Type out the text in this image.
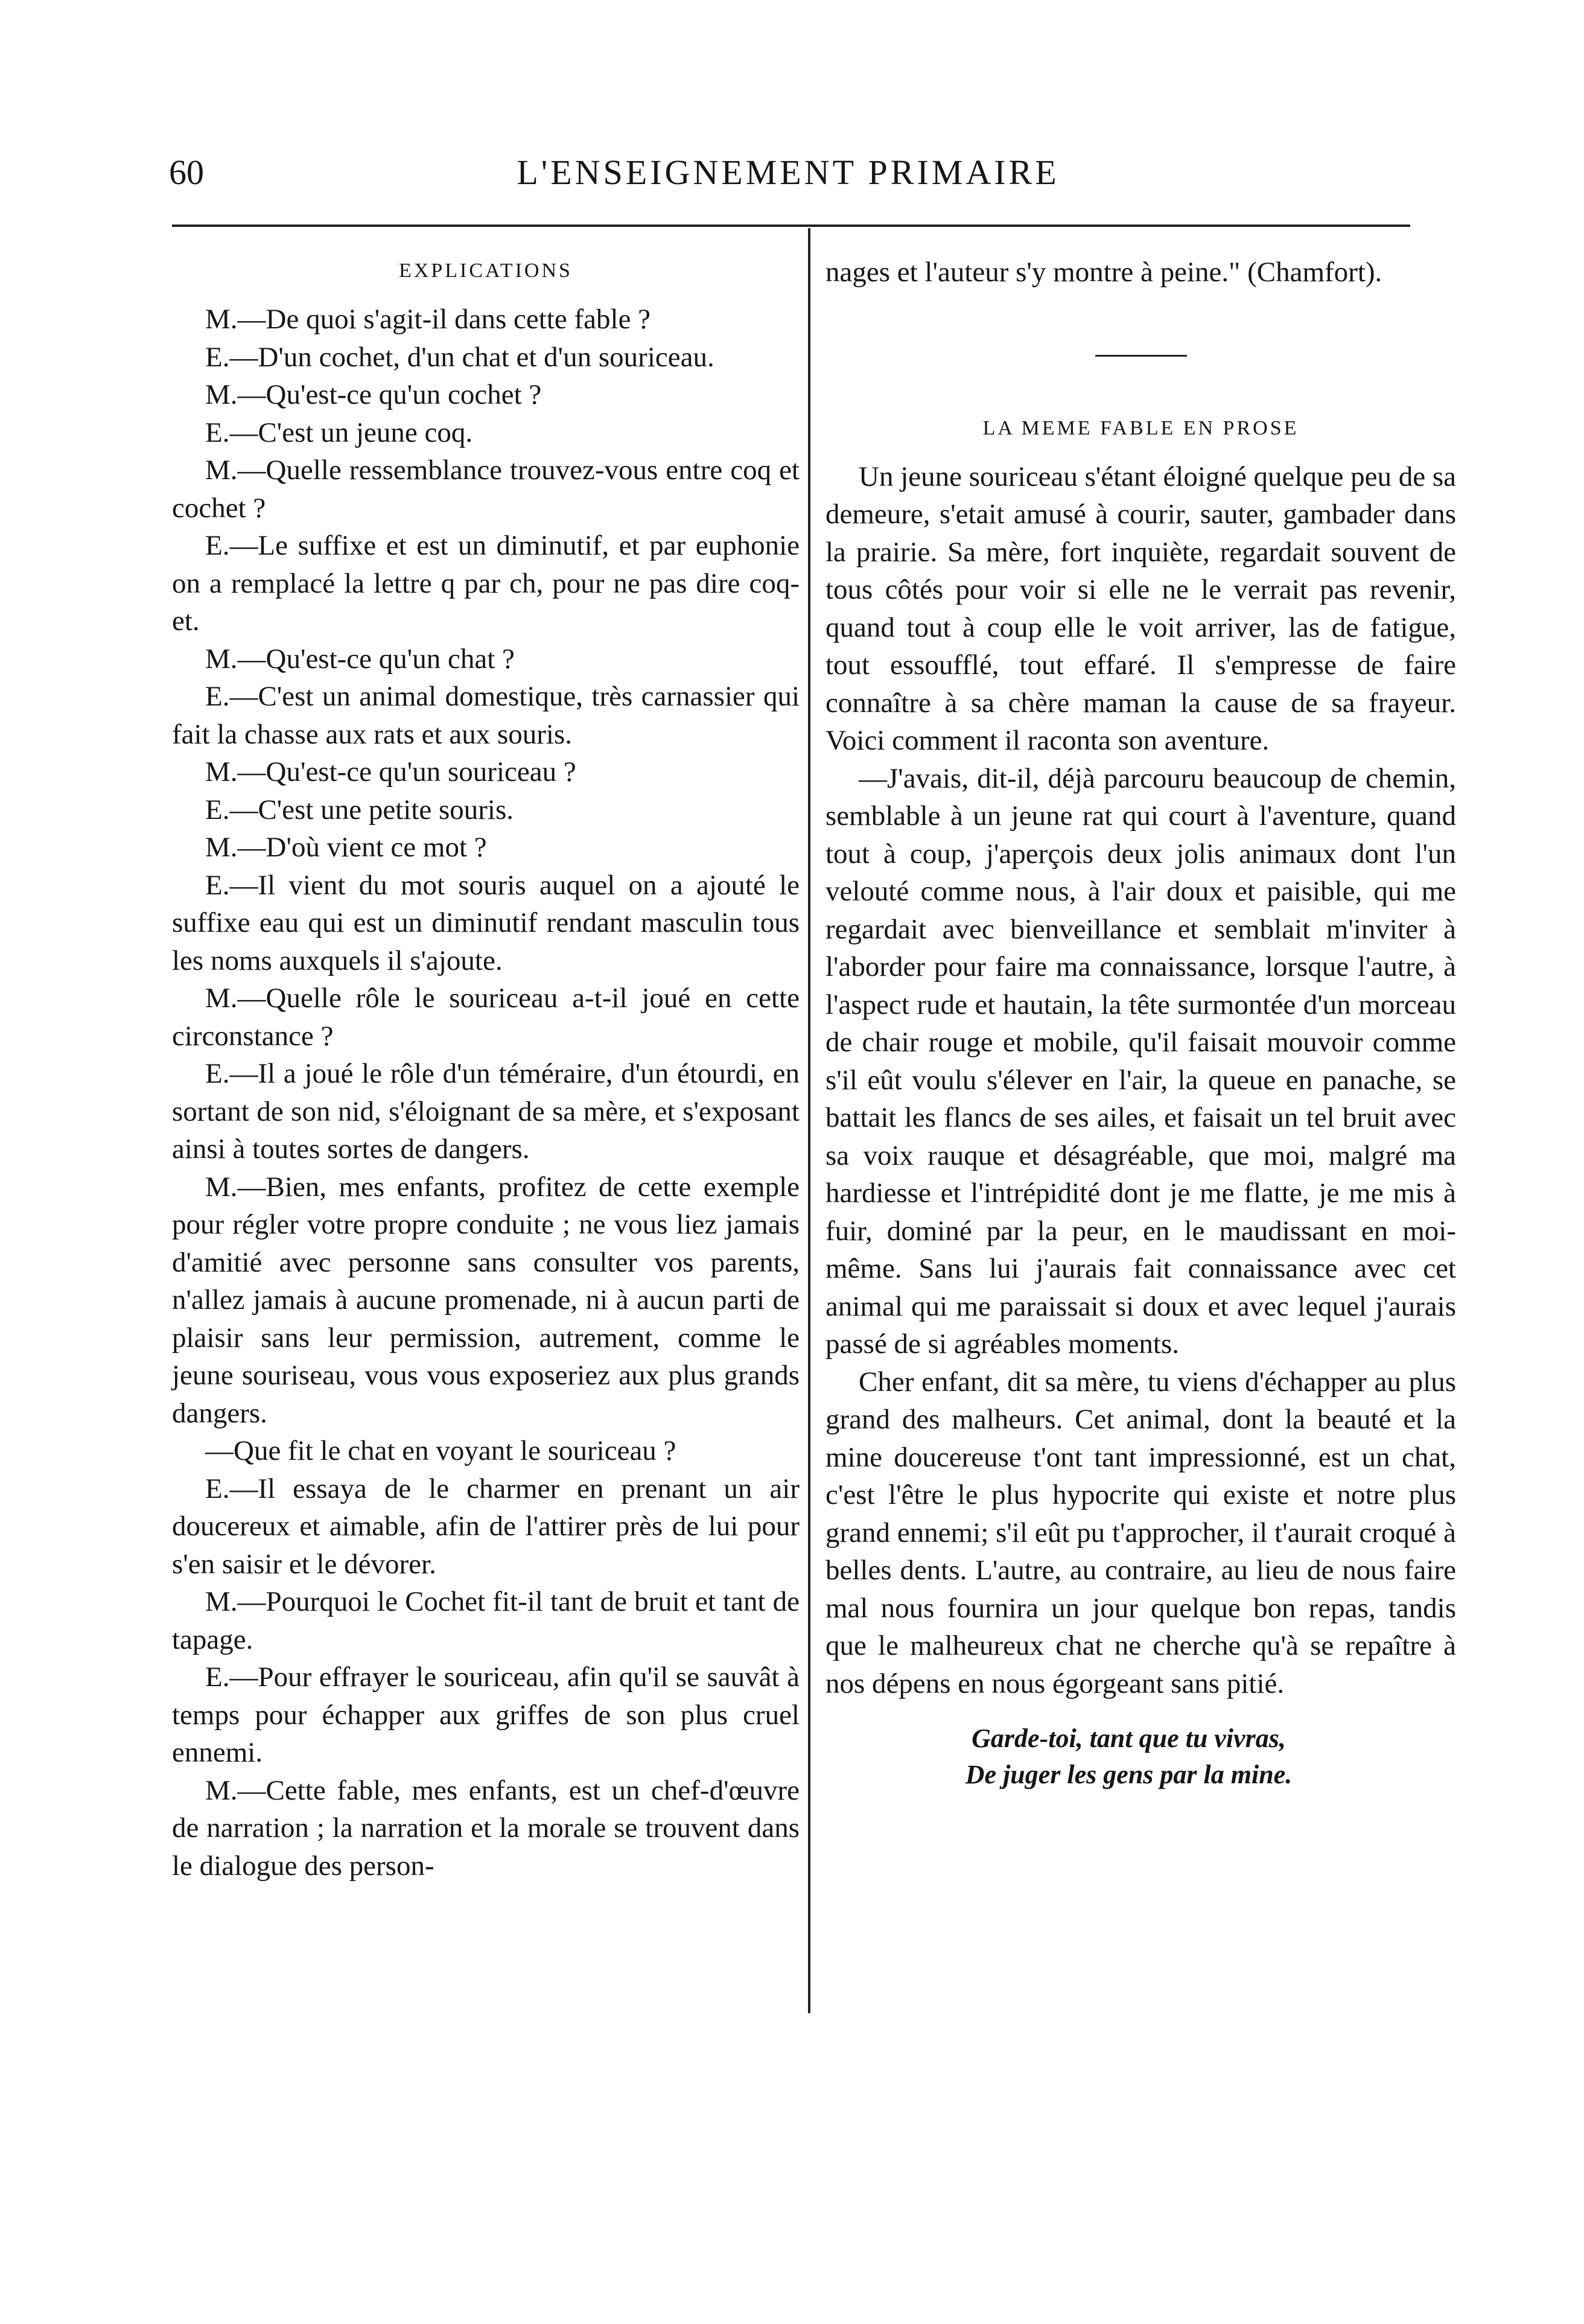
60	L'ENSEIGNEMENT PRIMAIRE
EXPLICATIONS

M.—De quoi s'agit-il dans cette fable ?

E.—D'un cochet, d'un chat et d'un souriceau.

M.—Qu'est-ce qu'un cochet ?

E.—C'est un jeune coq.

M.—Quelle ressemblance trouvez-vous entre coq et cochet ?

E.—Le suffixe et est un diminutif, et par euphonie on a remplacé la lettre q par ch, pour ne pas dire coq-et.

M.—Qu'est-ce qu'un chat ?

E.—C'est un animal domestique, très carnassier qui fait la chasse aux rats et aux souris.

M.—Qu'est-ce qu'un souriceau ?

E.—C'est une petite souris.

M.—D'où vient ce mot ?

E.—Il vient du mot souris auquel on a ajouté le suffixe eau qui est un diminutif rendant masculin tous les noms auxquels il s'ajoute.

M.—Quelle rôle le souriceau a-t-il joué en cette circonstance ?

E.—Il a joué le rôle d'un téméraire, d'un étourdi, en sortant de son nid, s'éloignant de sa mère, et s'exposant ainsi à toutes sortes de dangers.

M.—Bien, mes enfants, profitez de cette exemple pour régler votre propre conduite ; ne vous liez jamais d'amitié avec personne sans consulter vos parents, n'allez jamais à aucune promenade, ni à aucun parti de plaisir sans leur permission, autrement, comme le jeune souriseau, vous vous exposeriez aux plus grands dangers.

—Que fit le chat en voyant le souriceau ?

E.—Il essaya de le charmer en prenant un air doucereux et aimable, afin de l'attirer près de lui pour s'en saisir et le dévorer.

M.—Pourquoi le Cochet fit-il tant de bruit et tant de tapage.

E.—Pour effrayer le souriceau, afin qu'il se sauvât à temps pour échapper aux griffes de son plus cruel ennemi.

M.—Cette fable, mes enfants, est un chef-d'œuvre de narration ; la narration et la morale se trouvent dans le dialogue des person-

nages et l'auteur s'y montre à peine." (Chamfort).

LA MEME FABLE EN PROSE

Un jeune souriceau s'étant éloigné quelque peu de sa demeure, s'etait amusé à courir, sauter, gambader dans la prairie. Sa mère, fort inquiète, regardait souvent de tous côtés pour voir si elle ne le verrait pas revenir, quand tout à coup elle le voit arriver, las de fatigue, tout essoufflé, tout effaré. Il s'empresse de faire connaître à sa chère maman la cause de sa frayeur. Voici comment il raconta son aventure.

—J'avais, dit-il, déjà parcouru beaucoup de chemin, semblable à un jeune rat qui court à l'aventure, quand tout à coup, j'aperçois deux jolis animaux dont l'un velouté comme nous, à l'air doux et paisible, qui me regardait avec bienveillance et semblait m'inviter à l'aborder pour faire ma connaissance, lorsque l'autre, à l'aspect rude et hautain, la tête surmontée d'un morceau de chair rouge et mobile, qu'il faisait mouvoir comme s'il eût voulu s'élever en l'air, la queue en panache, se battait les flancs de ses ailes, et faisait un tel bruit avec sa voix rauque et désagréable, que moi, malgré ma hardiesse et l'intrépidité dont je me flatte, je me mis à fuir, dominé par la peur, en le maudissant en moi-même. Sans lui j'aurais fait connaissance avec cet animal qui me paraissait si doux et avec lequel j'aurais passé de si agréables moments.

Cher enfant, dit sa mère, tu viens d'échapper au plus grand des malheurs. Cet animal, dont la beauté et la mine doucereuse t'ont tant impressionné, est un chat, c'est l'être le plus hypocrite qui existe et notre plus grand ennemi; s'il eût pu t'approcher, il t'aurait croqué à belles dents. L'autre, au contraire, au lieu de nous faire mal nous fournira un jour quelque bon repas, tandis que le malheureux chat ne cherche qu'à se repaître à nos dépens en nous égorgeant sans pitié.

Garde-toi, tant que tu vivras,
De juger les gens par la mine.
